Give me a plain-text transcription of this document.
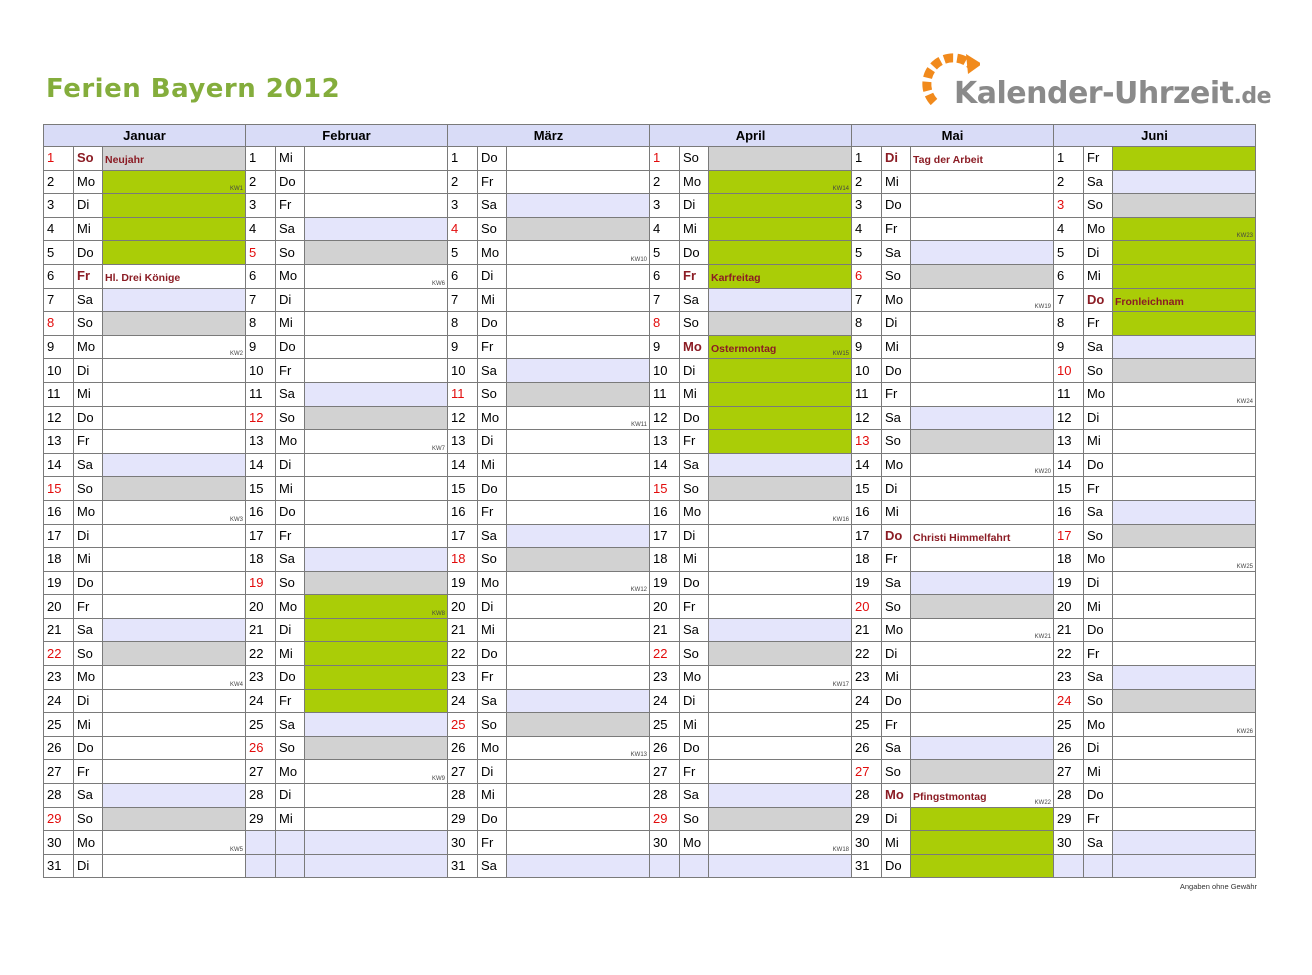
Ferien Bayern 2012	Kalender-Uhrzeit.de
Januar			Februar			März			April			Mai			Juni		
1	So	Neujahr	1	Mi		1	Do		1	So		1	Di	Tag der Arbeit	1	Fr	
2	Mo	KW1	2	Do		2	Fr		2	Mo	KW14	2	Mi		2	Sa	
3	Di		3	Fr		3	Sa		3	Di		3	Do		3	So	
4	Mi		4	Sa		4	So		4	Mi		4	Fr		4	Mo	KW23

5	Do		5	So		5	Mo	KW10	5	Do		5	Sa		5	Di	
6	Fr	Hl. Drei Könige	6	Mo	KW6	6	Di		6	Fr	Karfreitag	6	So		6	Mi	
7	Sa		7	Di		7	Mi		7	Sa		7	Mo	KW19	7	Do	Fronleichnam
8	So		8	Mi		8	Do		8	So		8	Di		8	Fr	
9	Mo	KW2	9	Do		9	Fr		9	Mo	Ostermontag KW15	9	Mi		9	Sa	
10	Di		10	Fr		10	Sa		10	Di		10	Do		10	So	
11	Mi		11	Sa		11	So		11	Mi		11	Fr		11	Mo	KW24

12	Do		12	So		12	Mo	KW11	12	Do		12	Sa		12	Di	
13	Fr		13	Mo	KW7	13	Di		13	Fr		13	So		13	Mi	
14	Sa		14	Di		14	Mi		14	Sa		14	Mo	KW20	14	Do	
15	So		15	Mi		15	Do		15	So		15	Di		15	Fr	
16	Mo	KW3	16	Do		16	Fr		16	Mo	KW16	16	Mi		16	Sa	
17	Di		17	Fr		17	Sa		17	Di		17	Do	Christi Himmelfahrt	17	So	
18	Mi		18	Sa		18	So		18	Mi		18	Fr		18	Mo	KW25

19	Do		19	So		19	Mo	KW12	19	Do		19	Sa		19	Di	
20	Fr		20	Mo	KW8	20	Di		20	Fr		20	So		20	Mi	
21	Sa		21	Di		21	Mi		21	Sa		21	Mo	KW21	21	Do	
22	So		22	Mi		22	Do		22	So		22	Di		22	Fr	
23	Mo	KW4	23	Do		23	Fr		23	Mo	KW17	23	Mi		23	Sa	
24	Di		24	Fr		24	Sa		24	Di		24	Do		24	So	
25	Mi		25	Sa		25	So		25	Mi		25	Fr		25	Mo	KW26

26	Do		26	So		26	Mo	KW13	26	Do		26	Sa		26	Di	
27	Fr		27	Mo	KW9	27	Di		27	Fr		27	So		27	Mi	
28	Sa		28	Di		28	Mi		28	Sa		28	Mo	Pfingstmontag KW22	28	Do	
29	So		29	Mi		29	Do		29	So		29	Di		29	Fr	
30	Mo	KW5				30	Fr		30	Mo	KW18	30	Mi		30	Sa	
31	Di					31	Sa					31	Do				
Angaben ohne Gewähr
